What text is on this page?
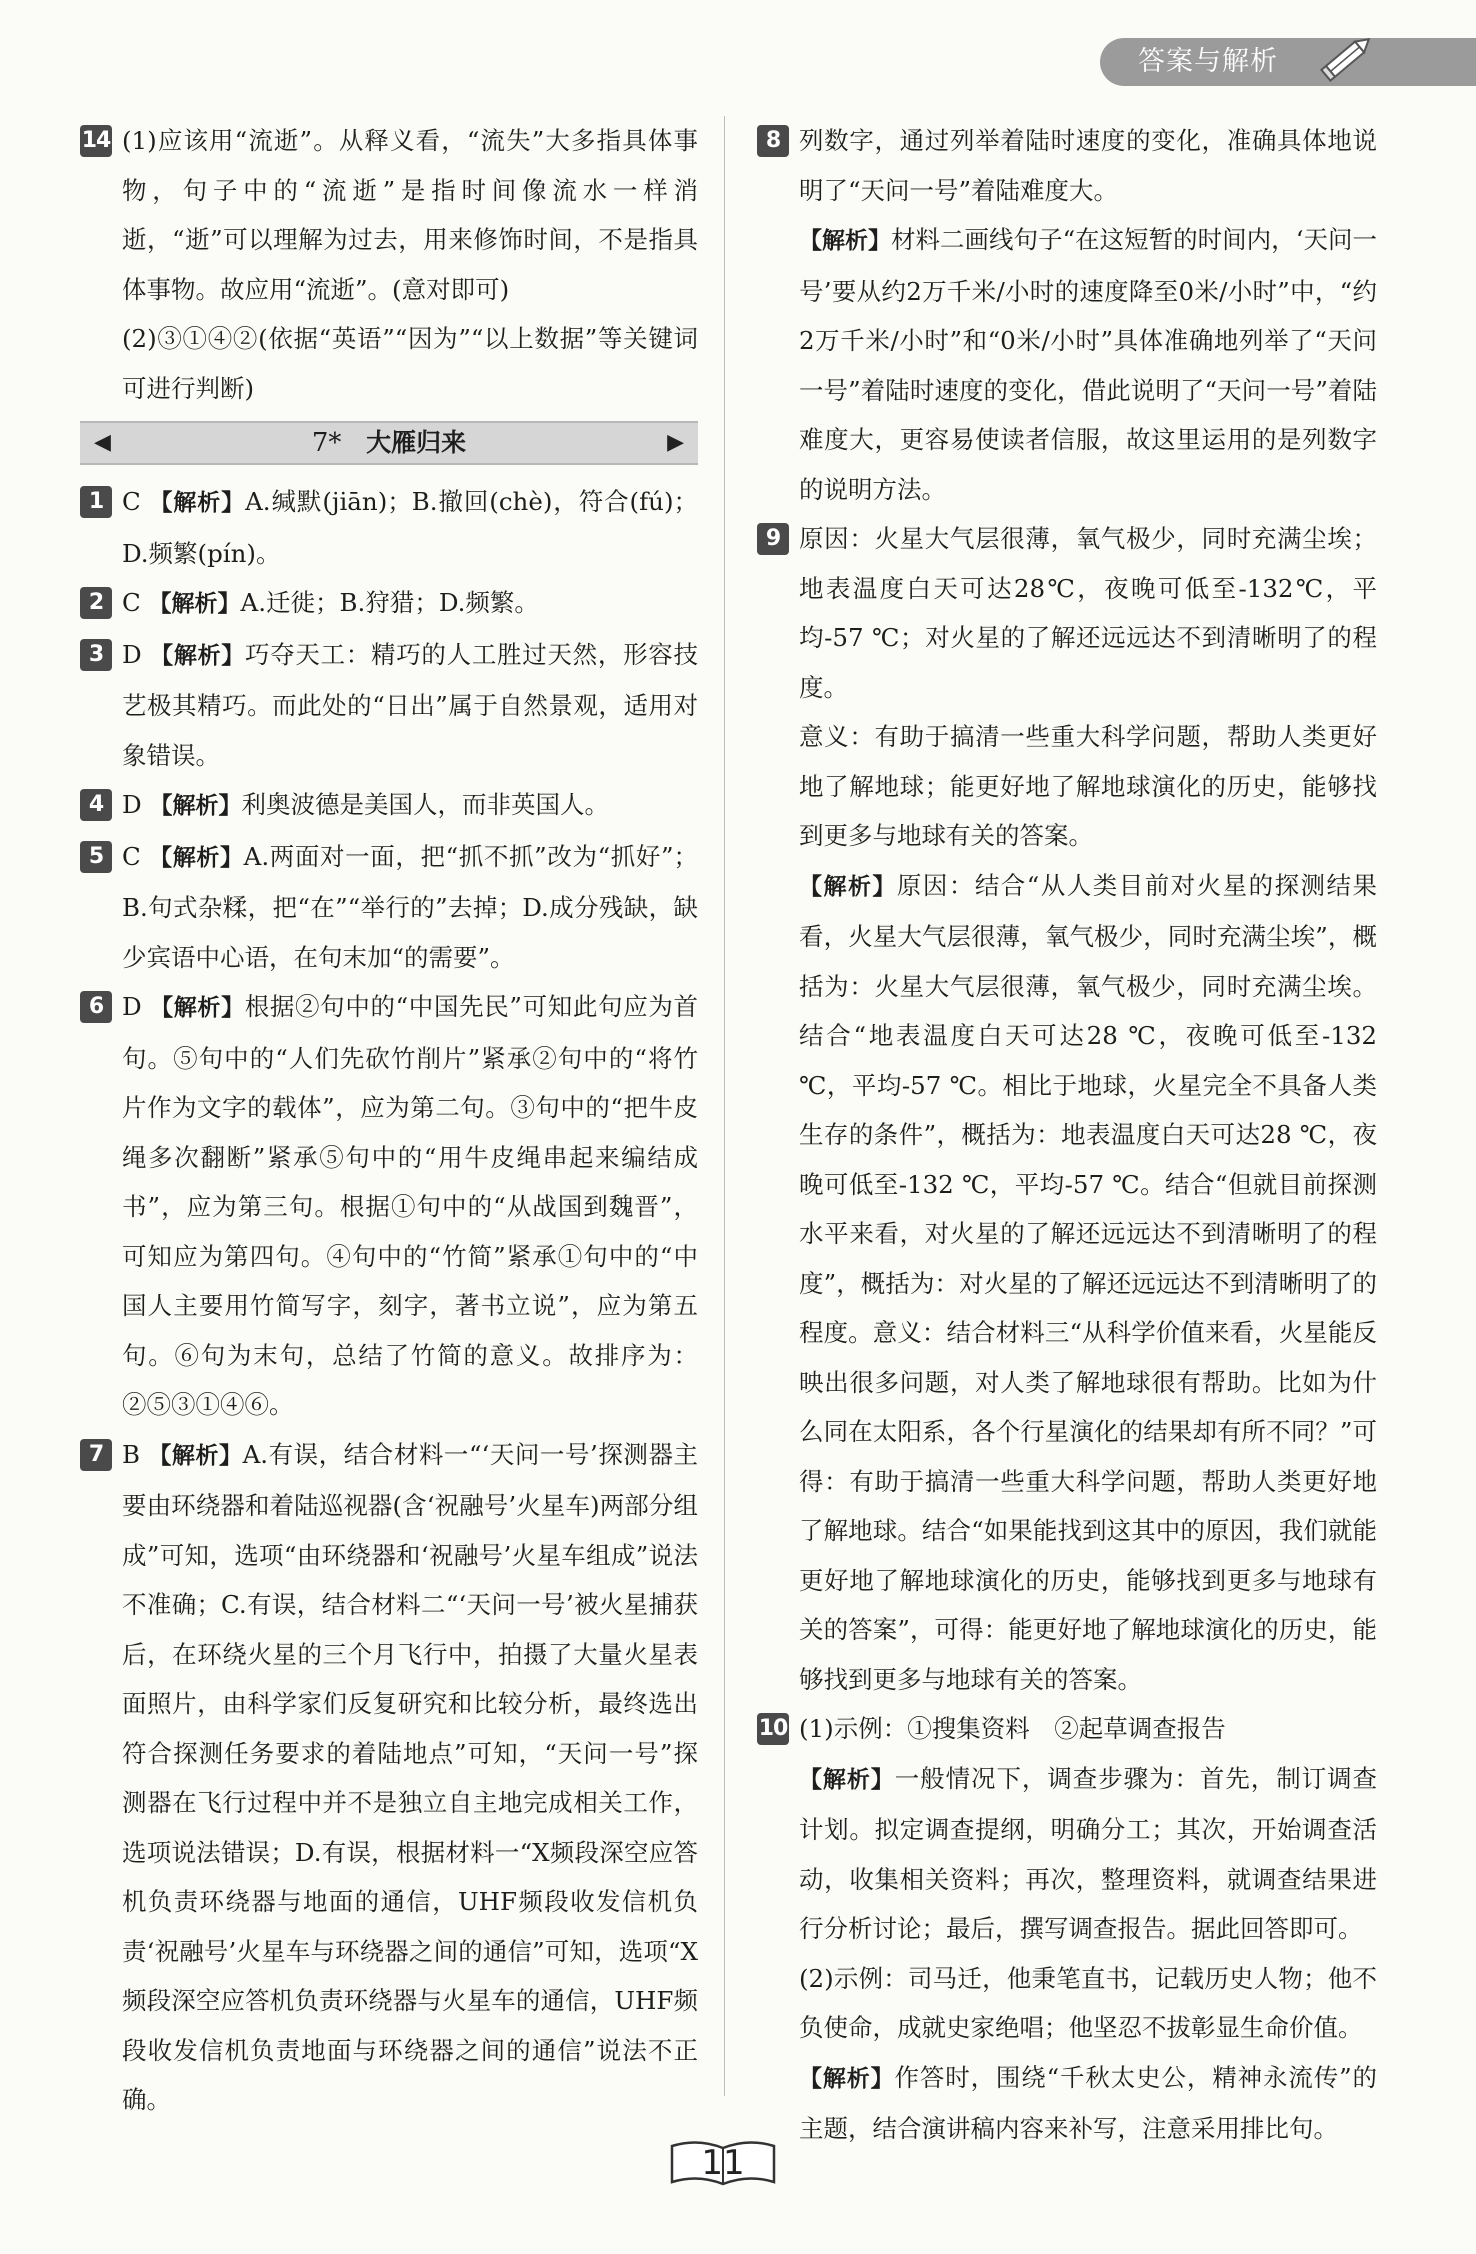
答案与解析
14 (1)应该用“流逝”。从释义看，“流失”大多指具体事物，句子中的“流逝”是指时间像流水一样消逝，“逝”可以理解为过去，用来修饰时间，不是指具体事物。故应用“流逝”。(意对即可)

(2)③①④②(依据“英语”“因为”“以上数据”等关键词可进行判断)

◀	7* 大雁归来	▶
1 C 【解析】A.缄默(jiān)；B.撤回(chè)，符合(fú)；D.频繁(pín)。

2 C 【解析】A.迁徙；B.狩猎；D.频繁。

3 D 【解析】巧夺天工：精巧的人工胜过天然，形容技艺极其精巧。而此处的“日出”属于自然景观，适用对象错误。

4 D 【解析】利奥波德是美国人，而非英国人。

5 C 【解析】A.两面对一面，把“抓不抓”改为“抓好”；B.句式杂糅，把“在”“举行的”去掉；D.成分残缺，缺少宾语中心语，在句末加“的需要”。

6 D 【解析】根据②句中的“中国先民”可知此句应为首句。⑤句中的“人们先砍竹削片”紧承②句中的“将竹片作为文字的载体”，应为第二句。③句中的“把牛皮绳多次翻断”紧承⑤句中的“用牛皮绳串起来编结成书”，应为第三句。根据①句中的“从战国到魏晋”，可知应为第四句。④句中的“竹简”紧承①句中的“中国人主要用竹简写字，刻字，著书立说”，应为第五句。⑥句为末句，总结了竹简的意义。故排序为：②⑤③①④⑥。

7 B 【解析】A.有误，结合材料一“‘天问一号’探测器主要由环绕器和着陆巡视器(含‘祝融号’火星车)两部分组成”可知，选项“由环绕器和‘祝融号’火星车组成”说法不准确；C.有误，结合材料二“‘天问一号’被火星捕获后，在环绕火星的三个月飞行中，拍摄了大量火星表面照片，由科学家们反复研究和比较分析，最终选出符合探测任务要求的着陆地点”可知，“天问一号”探测器在飞行过程中并不是独立自主地完成相关工作，选项说法错误；D.有误，根据材料一“X频段深空应答机负责环绕器与地面的通信，UHF频段收发信机负责‘祝融号’火星车与环绕器之间的通信”可知，选项“X频段深空应答机负责环绕器与火星车的通信，UHF频段收发信机负责地面与环绕器之间的通信”说法不正确。

8 列数字，通过列举着陆时速度的变化，准确具体地说明了“天问一号”着陆难度大。

【解析】材料二画线句子“在这短暂的时间内，‘天问一号’要从约2万千米/小时的速度降至0米/小时”中，“约2万千米/小时”和“0米/小时”具体准确地列举了“天问一号”着陆时速度的变化，借此说明了“天问一号”着陆难度大，更容易使读者信服，故这里运用的是列数字的说明方法。

9 原因：火星大气层很薄，氧气极少，同时充满尘埃；地表温度白天可达28℃，夜晚可低至-132℃，平均-57 ℃；对火星的了解还远远达不到清晰明了的程度。

意义：有助于搞清一些重大科学问题，帮助人类更好地了解地球；能更好地了解地球演化的历史，能够找到更多与地球有关的答案。

【解析】原因：结合“从人类目前对火星的探测结果看，火星大气层很薄，氧气极少，同时充满尘埃”，概括为：火星大气层很薄，氧气极少，同时充满尘埃。结合“地表温度白天可达28 ℃，夜晚可低至-132 ℃，平均-57 ℃。相比于地球，火星完全不具备人类生存的条件”，概括为：地表温度白天可达28 ℃，夜晚可低至-132 ℃，平均-57 ℃。结合“但就目前探测水平来看，对火星的了解还远远达不到清晰明了的程度”，概括为：对火星的了解还远远达不到清晰明了的程度。意义：结合材料三“从科学价值来看，火星能反映出很多问题，对人类了解地球很有帮助。比如为什么同在太阳系，各个行星演化的结果却有所不同？”可得：有助于搞清一些重大科学问题，帮助人类更好地了解地球。结合“如果能找到这其中的原因，我们就能更好地了解地球演化的历史，能够找到更多与地球有关的答案”，可得：能更好地了解地球演化的历史，能够找到更多与地球有关的答案。

10 (1)示例：①搜集资料　②起草调查报告

【解析】一般情况下，调查步骤为：首先，制订调查计划。拟定调查提纲，明确分工；其次，开始调查活动，收集相关资料；再次，整理资料，就调查结果进行分析讨论；最后，撰写调查报告。据此回答即可。

(2)示例：司马迁，他秉笔直书，记载历史人物；他不负使命，成就史家绝唱；他坚忍不拔彰显生命价值。

【解析】作答时，围绕“千秋太史公，精神永流传”的主题，结合演讲稿内容来补写，注意采用排比句。

11
